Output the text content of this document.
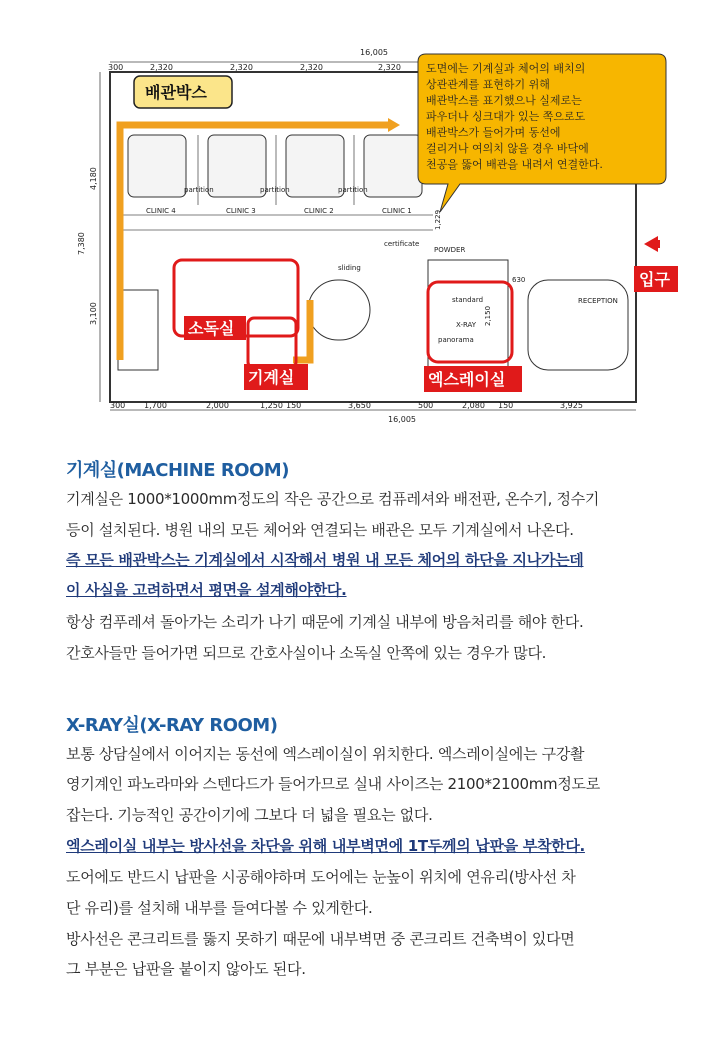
300	2,320	2,320	2,320	2,320
16,005
300 1,700	2,000	1,250 150	3,650	500	2,080 150	3,925
16,005
4,180
7,380
3,100
CLINIC 4	CLINIC 3	CLINIC 2	CLINIC 1
partition	partition	partition
POWDER
RECEPTION
X-RAY
certificate
sliding
standard
panorama
2,150
630
1,229
배관박스
도면에는 기계실과 체어의 배치의
상관관계를 표현하기 위해
배관박스를 표기했으나 실제로는
파우더나 싱크대가 있는 쪽으로도
배관박스가 들어가며 동선에
걸리거나 여의치 않을 경우 바닥에
천공을 뚫어 배관을 내려서 연결한다.
소독실
기계실	엑스레이실
입구
기계실(MACHINE ROOM)
기계실은 1000*1000mm정도의 작은 공간으로 컴퓨레셔와 배전판, 온수기, 정수기
등이 설치된다. 병원 내의 모든 체어와 연결되는 배관은 모두 기계실에서 나온다.
즉 모든 배관박스는 기계실에서 시작해서 병원 내 모든 체어의 하단을 지나가는데
이 사실을 고려하면서 평면을 설계해야한다.
항상 컴푸레셔 돌아가는 소리가 나기 때문에 기계실 내부에 방음처리를 해야 한다.
간호사들만 들어가면 되므로 간호사실이나 소독실 안쪽에 있는 경우가 많다.
X-RAY실(X-RAY ROOM)
보통 상담실에서 이어지는 동선에 엑스레이실이 위치한다. 엑스레이실에는 구강촬
영기계인 파노라마와 스텐다드가 들어가므로 실내 사이즈는 2100*2100mm정도로
잡는다. 기능적인 공간이기에 그보다 더 넓을 필요는 없다.
엑스레이실 내부는 방사선을 차단을 위해 내부벽면에 1T두께의 납판을 부착한다.
도어에도 반드시 납판을 시공해야하며 도어에는 눈높이 위치에 연유리(방사선 차
단 유리)를 설치해 내부를 들여다볼 수 있게한다.
방사선은 콘크리트를 뚫지 못하기 때문에 내부벽면 중 콘크리트 건축벽이 있다면
그 부분은 납판을 붙이지 않아도 된다.
